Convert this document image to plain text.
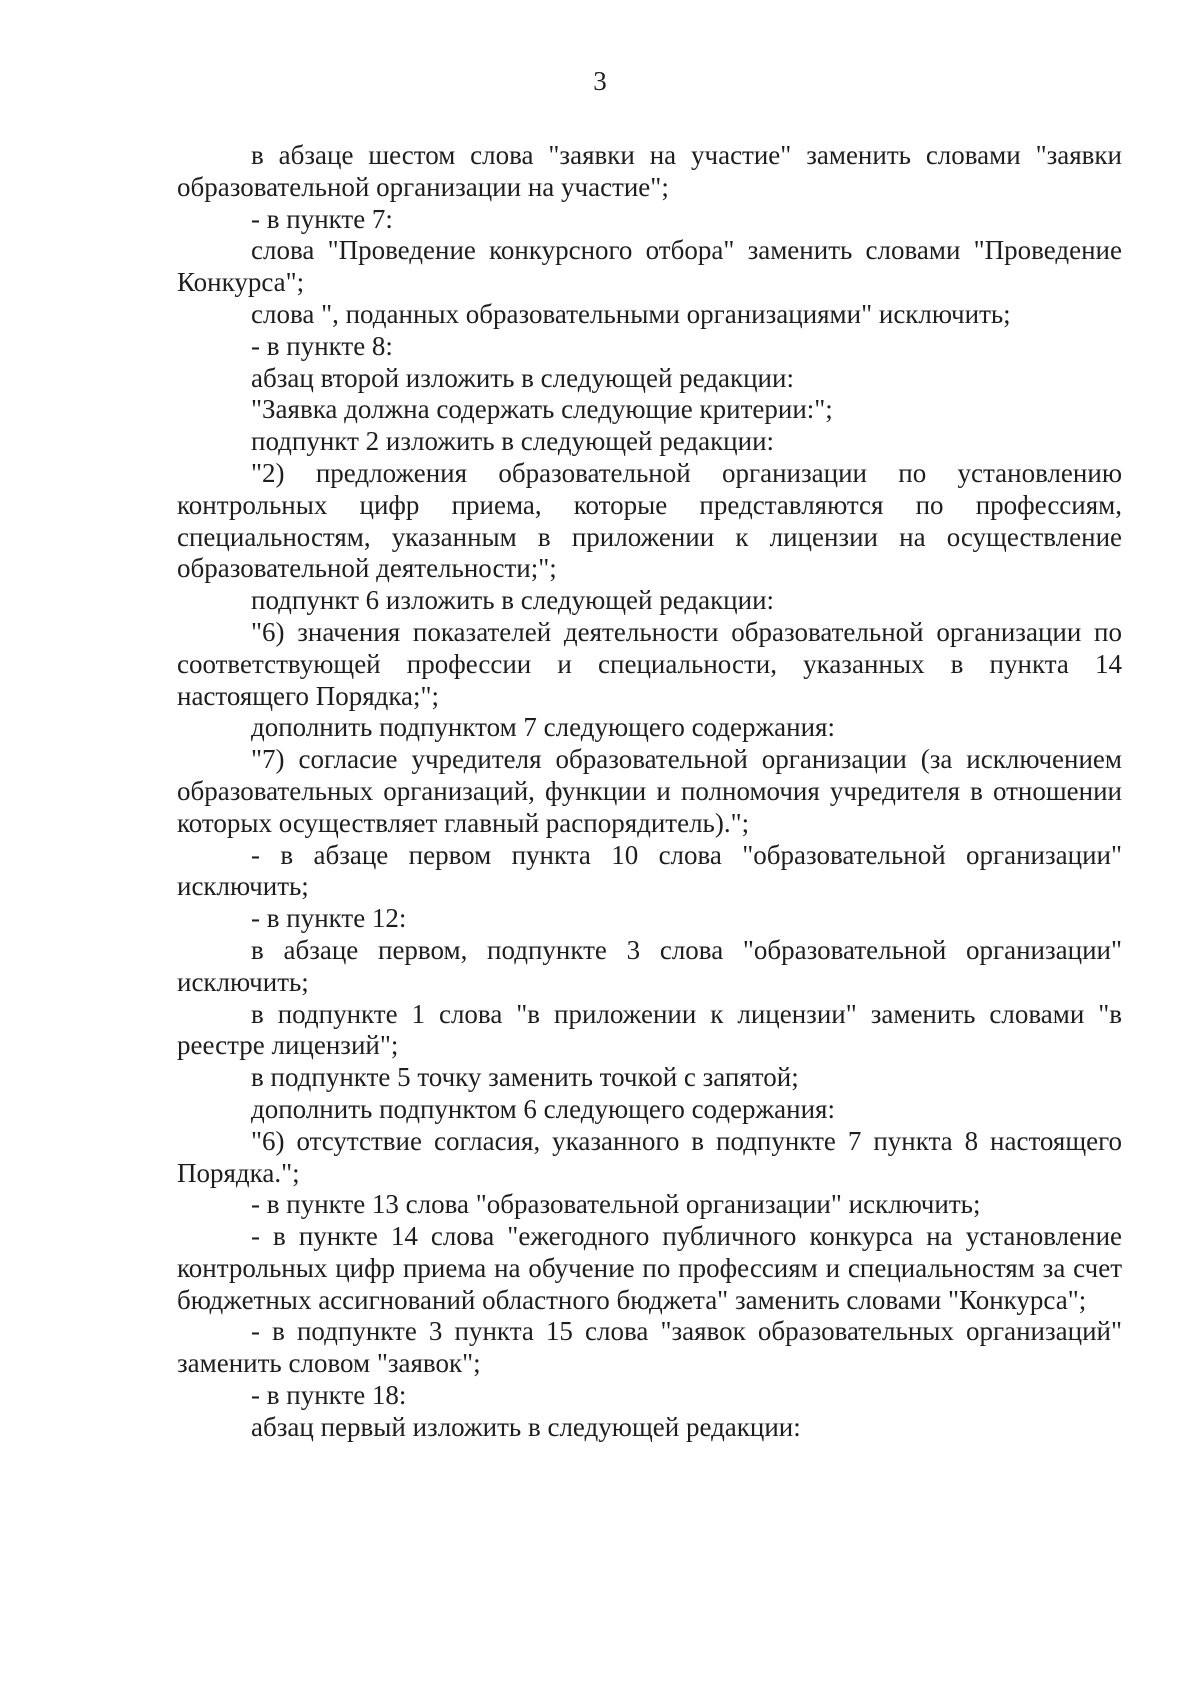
3

в абзаце шестом слова "заявки на участие" заменить словами "заявки образовательной организации на участие";

- в пункте 7:

слова "Проведение конкурсного отбора" заменить словами "Проведение Конкурса";

слова ", поданных образовательными организациями" исключить;

- в пункте 8:

абзац второй изложить в следующей редакции:

"Заявка должна содержать следующие критерии:";

подпункт 2 изложить в следующей редакции:

"2) предложения образовательной организации по установлению контрольных цифр приема, которые представляются по профессиям, специальностям, указанным в приложении к лицензии на осуществление образовательной деятельности;";

подпункт 6 изложить в следующей редакции:

"6) значения показателей деятельности образовательной организации по соответствующей профессии и специальности, указанных в пункта 14 настоящего Порядка;";

дополнить подпунктом 7 следующего содержания:

"7) согласие учредителя образовательной организации (за исключением образовательных организаций, функции и полномочия учредителя в отношении которых осуществляет главный распорядитель).";

- в абзаце первом пункта 10 слова "образовательной организации" исключить;

- в пункте 12:

в абзаце первом, подпункте 3 слова "образовательной организации" исключить;

в подпункте 1 слова "в приложении к лицензии" заменить словами "в реестре лицензий";

в подпункте 5 точку заменить точкой с запятой;

дополнить подпунктом 6 следующего содержания:

"6) отсутствие согласия, указанного в подпункте 7 пункта 8 настоящего Порядка.";

- в пункте 13 слова "образовательной организации" исключить;

- в пункте 14 слова "ежегодного публичного конкурса на установление контрольных цифр приема на обучение по профессиям и специальностям за счет бюджетных ассигнований областного бюджета" заменить словами "Конкурса";

- в подпункте 3 пункта 15 слова "заявок образовательных организаций" заменить словом "заявок";

- в пункте 18:

абзац первый изложить в следующей редакции:
